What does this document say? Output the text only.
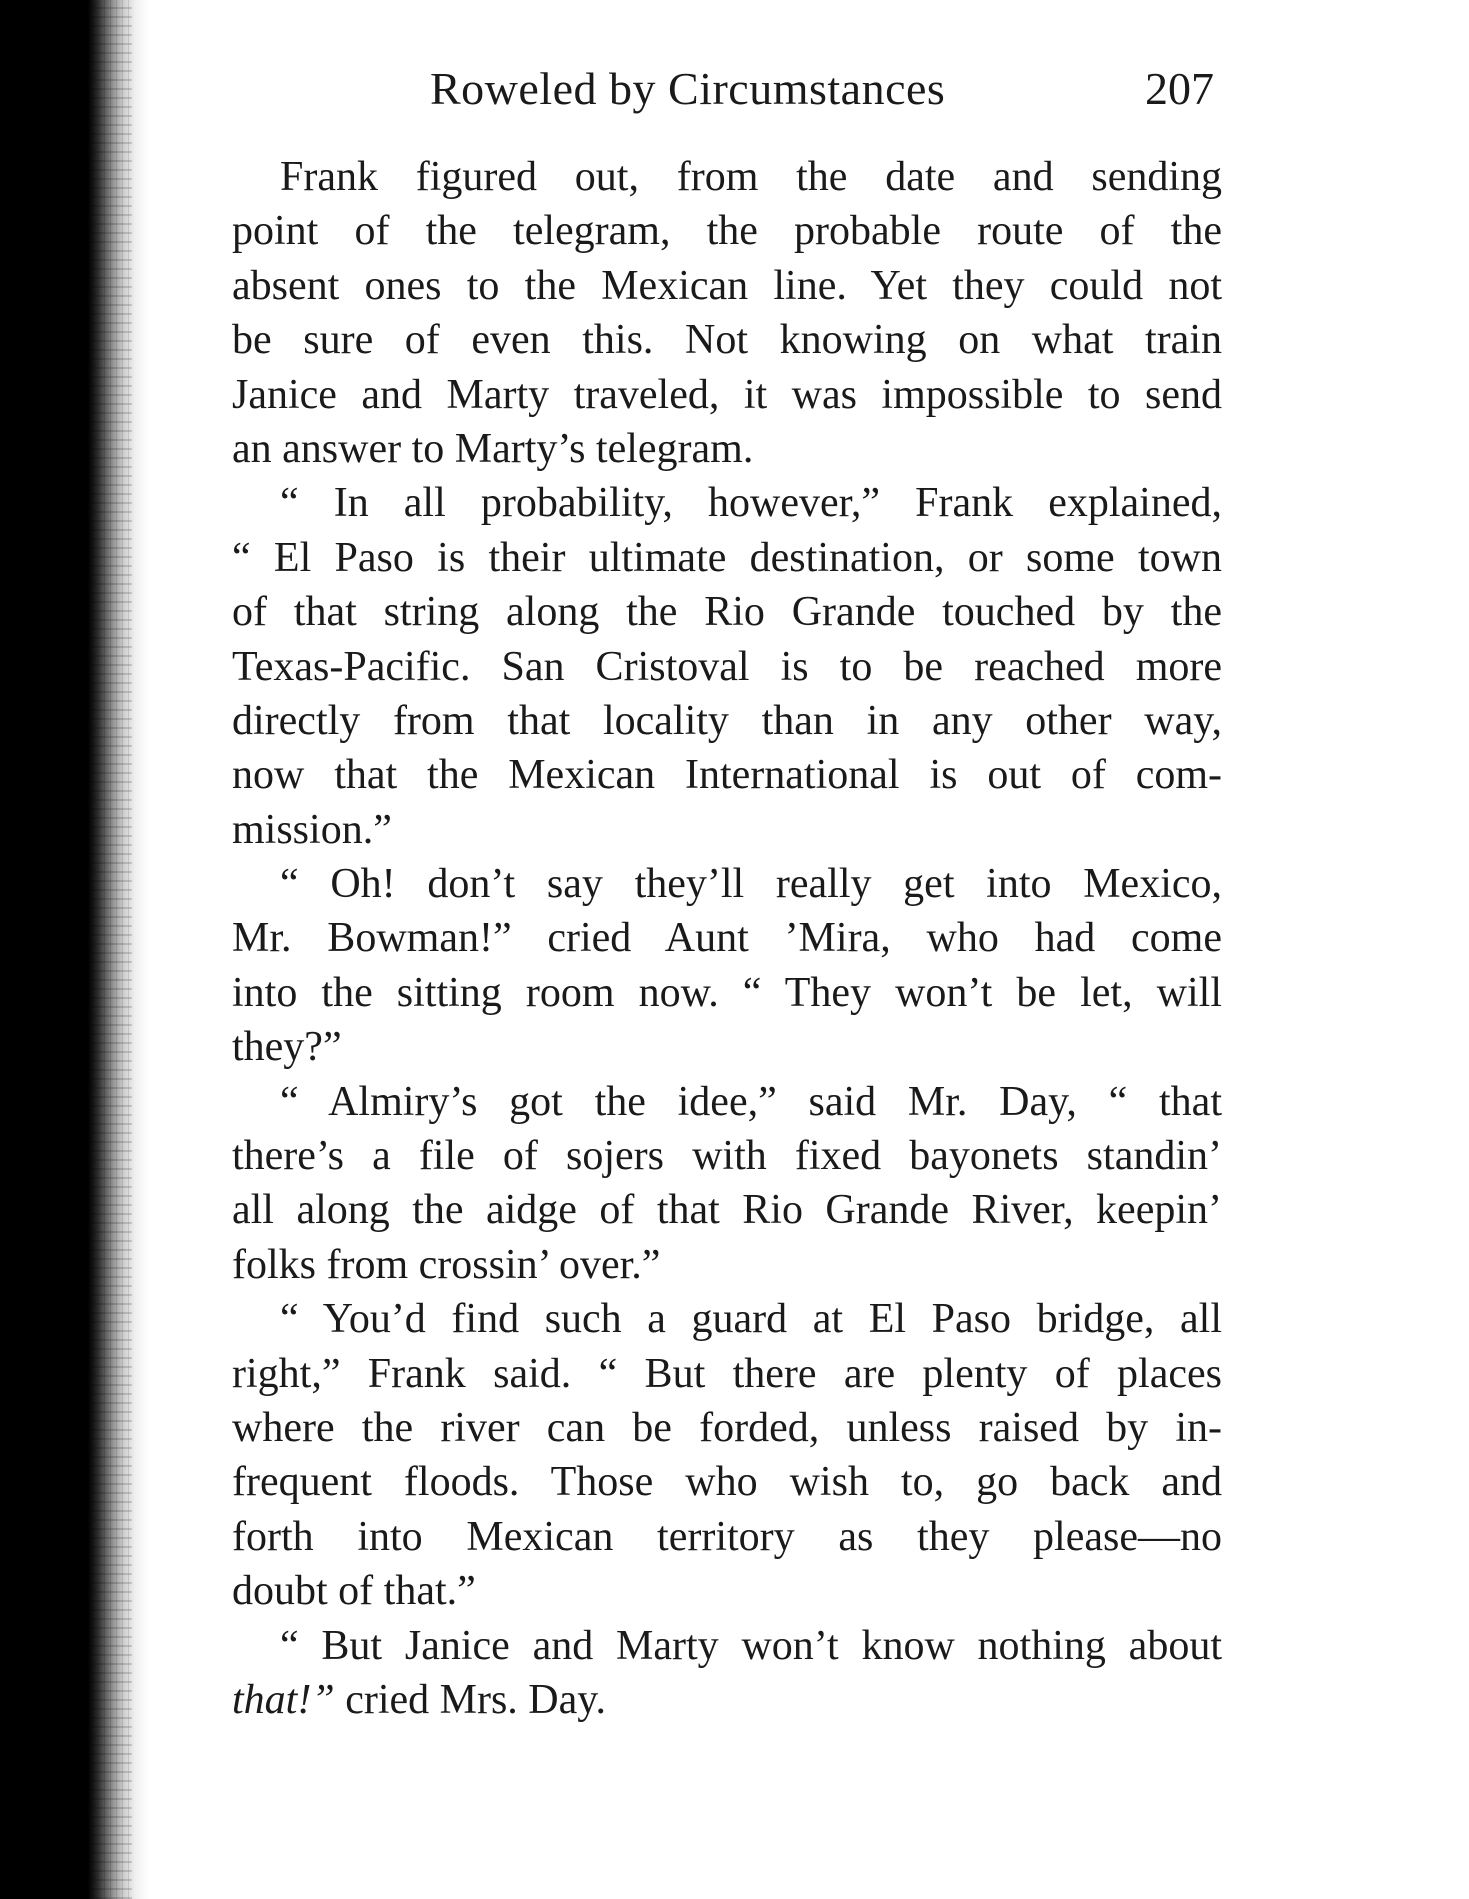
Roweled by Circumstances	207
Frank figured out, from the date and sending
point of the telegram, the probable route of the
absent ones to the Mexican line. Yet they could not
be sure of even this. Not knowing on what train
Janice and Marty traveled, it was impossible to send
an answer to Marty’s telegram.
“ In all probability, however,” Frank explained,
“ El Paso is their ultimate destination, or some town
of that string along the Rio Grande touched by the
Texas-Pacific. San Cristoval is to be reached more
directly from that locality than in any other way,
now that the Mexican International is out of com-
mission.”
“ Oh! don’t say they’ll really get into Mexico,
Mr. Bowman!” cried Aunt ’Mira, who had come
into the sitting room now. “ They won’t be let, will
they?”
“ Almiry’s got the idee,” said Mr. Day, “ that
there’s a file of sojers with fixed bayonets standin’
all along the aidge of that Rio Grande River, keepin’
folks from crossin’ over.”
“ You’d find such a guard at El Paso bridge, all
right,” Frank said. “ But there are plenty of places
where the river can be forded, unless raised by in-
frequent floods. Those who wish to, go back and
forth into Mexican territory as they please—no
doubt of that.”
“ But Janice and Marty won’t know nothing about
that!” cried Mrs. Day.
